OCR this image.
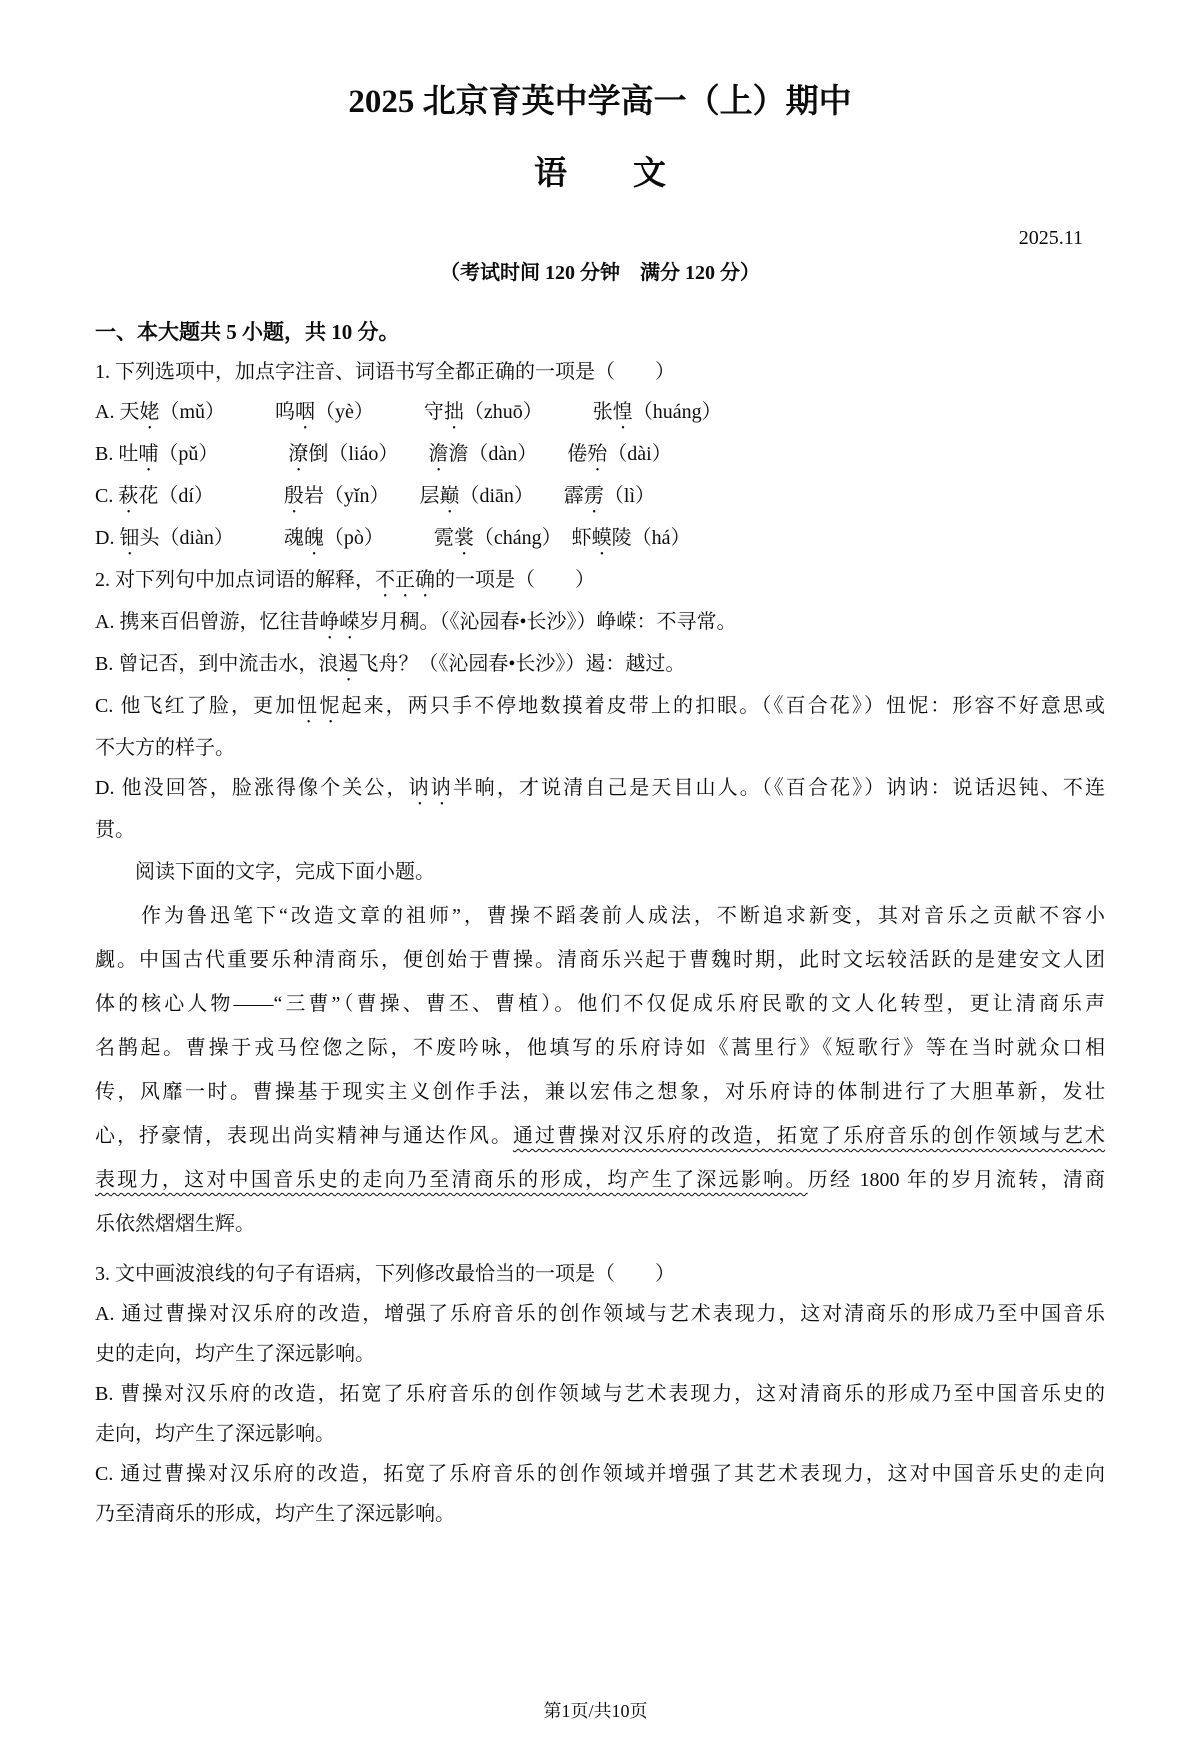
2025 北京育英中学高一（上）期中
语　　文
2025.11
（考试时间 120 分钟　满分 120 分）
一、本大题共 5 小题，共 10 分。
1. 下列选项中，加点字注音、词语书写全都正确的一项是（　　）
A. 天姥（mǔ）　　　呜咽（yè）　　　守拙（zhuō）　　　张惶（huáng）
B. 吐哺（pǔ）　　　　潦倒（liáo）　　澹澹（dàn）　　倦殆（dài）
C. 萩花（dí）　　　　殷岩（yǐn）　　层巅（diān）　　霹雳（lì）
D. 钿头（diàn）　　　魂魄（pò）　　　霓裳（cháng）　虾蟆陵（há）
2. 对下列句中加点词语的解释，不正确的一项是（　　）
A. 携来百侣曾游，忆往昔峥嵘岁月稠。（《沁园春•长沙》）峥嵘：不寻常。
B. 曾记否，到中流击水，浪遏飞舟？（《沁园春•长沙》）遏：越过。
C. 他飞红了脸，更加忸怩起来，两只手不停地数摸着皮带上的扣眼。（《百合花》）忸怩：形容不好意思或
不大方的样子。
D. 他没回答，脸涨得像个关公，讷讷半晌，才说清自己是天目山人。（《百合花》）讷讷：说话迟钝、不连
贯。
　　阅读下面的文字，完成下面小题。
　　作为鲁迅笔下“改造文章的祖师”，曹操不蹈袭前人成法，不断追求新变，其对音乐之贡献不容小
觑。中国古代重要乐种清商乐，便创始于曹操。清商乐兴起于曹魏时期，此时文坛较活跃的是建安文人团
体的核心人物——“三曹”（曹操、曹丕、曹植）。他们不仅促成乐府民歌的文人化转型，更让清商乐声
名鹊起。曹操于戎马倥偬之际，不废吟咏，他填写的乐府诗如《蒿里行》《短歌行》等在当时就众口相
传，风靡一时。曹操基于现实主义创作手法，兼以宏伟之想象，对乐府诗的体制进行了大胆革新，发壮
心，抒豪情，表现出尚实精神与通达作风。通过曹操对汉乐府的改造，拓宽了乐府音乐的创作领域与艺术
表现力，这对中国音乐史的走向乃至清商乐的形成，均产生了深远影响。历经 1800 年的岁月流转，清商
乐依然熠熠生辉。
3. 文中画波浪线的句子有语病，下列修改最恰当的一项是（　　）
A. 通过曹操对汉乐府的改造，增强了乐府音乐的创作领域与艺术表现力，这对清商乐的形成乃至中国音乐
史的走向，均产生了深远影响。
B. 曹操对汉乐府的改造，拓宽了乐府音乐的创作领域与艺术表现力，这对清商乐的形成乃至中国音乐史的
走向，均产生了深远影响。
C. 通过曹操对汉乐府的改造，拓宽了乐府音乐的创作领域并增强了其艺术表现力，这对中国音乐史的走向
乃至清商乐的形成，均产生了深远影响。
第1页/共10页
